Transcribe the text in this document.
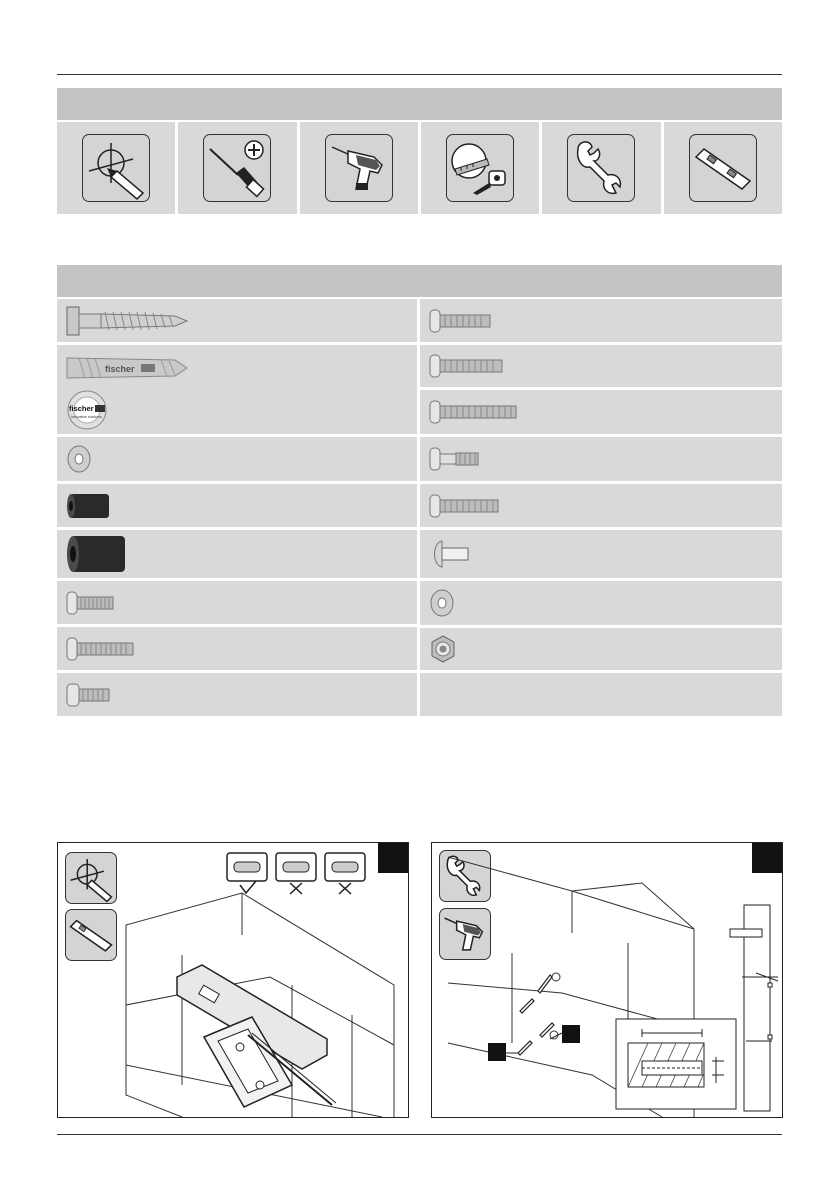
fischer
fischer
Innovative solutions
